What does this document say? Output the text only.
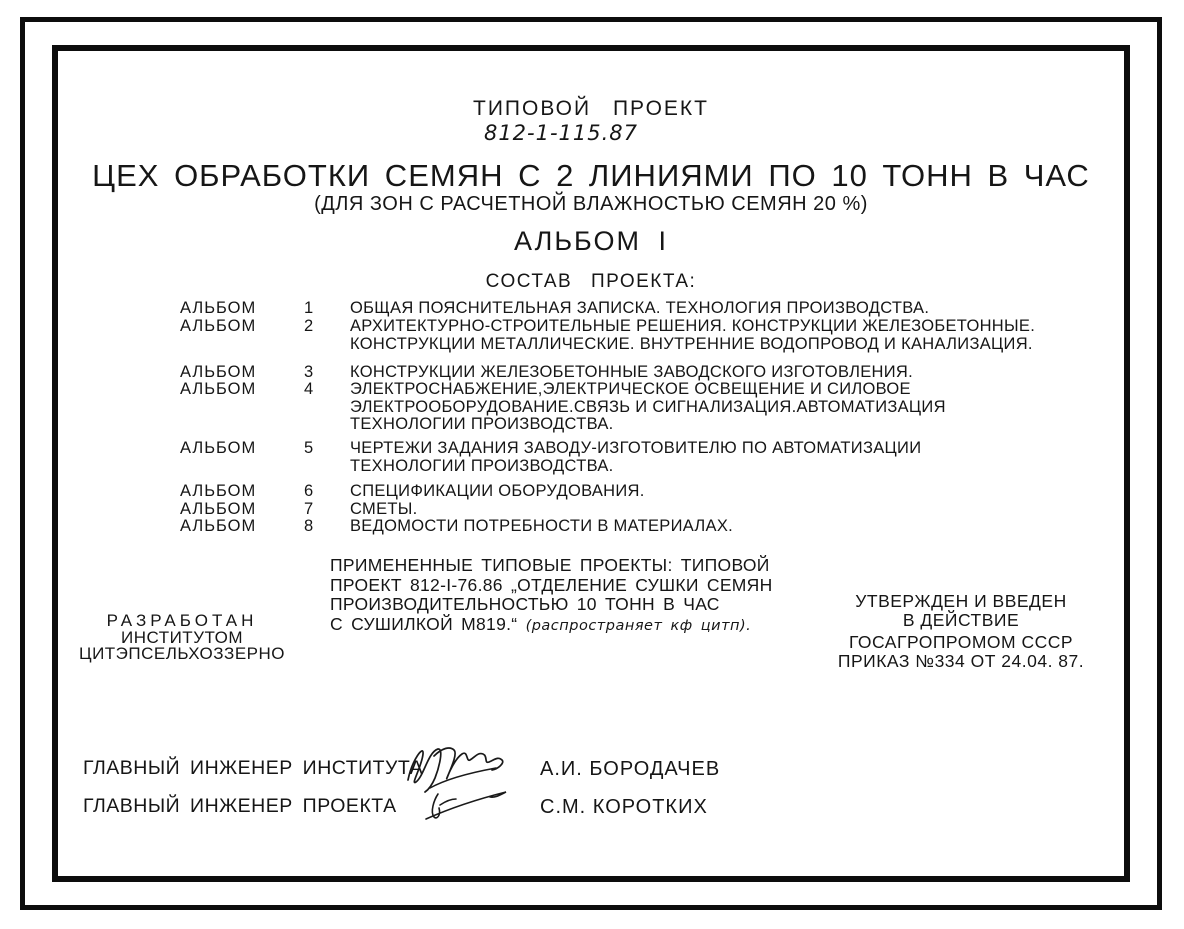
ТИПОВОЙ ПРОЕКТ
812-1-115.87
ЦЕХ ОБРАБОТКИ СЕМЯН С 2 ЛИНИЯМИ ПО 10 ТОНН В ЧАС
(ДЛЯ ЗОН С РАСЧЕТНОЙ ВЛАЖНОСТЬЮ СЕМЯН 20 %)
АЛЬБОМ I
СОСТАВ ПРОЕКТА:
АЛЬБОМ	1	ОБЩАЯ ПОЯСНИТЕЛЬНАЯ ЗАПИСКА. ТЕХНОЛОГИЯ ПРОИЗВОДСТВА.
АЛЬБОМ	2	АРХИТЕКТУРНО-СТРОИТЕЛЬНЫЕ РЕШЕНИЯ. КОНСТРУКЦИИ ЖЕЛЕЗОБЕТОННЫЕ.
КОНСТРУКЦИИ МЕТАЛЛИЧЕСКИЕ. ВНУТРЕННИЕ ВОДОПРОВОД И КАНАЛИЗАЦИЯ.
АЛЬБОМ	3	КОНСТРУКЦИИ ЖЕЛЕЗОБЕТОННЫЕ ЗАВОДСКОГО ИЗГОТОВЛЕНИЯ.
АЛЬБОМ	4	ЭЛЕКТРОСНАБЖЕНИЕ,ЭЛЕКТРИЧЕСКОЕ ОСВЕЩЕНИЕ И СИЛОВОЕ
ЭЛЕКТРООБОРУДОВАНИЕ.СВЯЗЬ И СИГНАЛИЗАЦИЯ.АВТОМАТИЗАЦИЯ
ТЕХНОЛОГИИ ПРОИЗВОДСТВА.
АЛЬБОМ	5	ЧЕРТЕЖИ ЗАДАНИЯ ЗАВОДУ-ИЗГОТОВИТЕЛЮ ПО АВТОМАТИЗАЦИИ
ТЕХНОЛОГИИ ПРОИЗВОДСТВА.
АЛЬБОМ	6	СПЕЦИФИКАЦИИ ОБОРУДОВАНИЯ.
АЛЬБОМ	7	СМЕТЫ.
АЛЬБОМ	8	ВЕДОМОСТИ ПОТРЕБНОСТИ В МАТЕРИАЛАХ.
ПРИМЕНЕННЫЕ ТИПОВЫЕ ПРОЕКТЫ: ТИПОВОЙ
ПРОЕКТ 812-I-76.86 „ОТДЕЛЕНИЕ СУШКИ СЕМЯН
ПРОИЗВОДИТЕЛЬНОСТЬЮ 10 ТОНН В ЧАС
С СУШИЛКОЙ М819.“ (распространяет кф цитп).
УТВЕРЖДЕН И ВВЕДЕН
В ДЕЙСТВИЕ
ГОСАГРОПРОМОМ СССР
ПРИКАЗ №334 ОТ 24.04. 87.
РАЗРАБОТАН
ИНСТИТУТОМ
ЦИТЭПСЕЛЬХОЗЗЕРНО
ГЛАВНЫЙ ИНЖЕНЕР ИНСТИТУТА
ГЛАВНЫЙ ИНЖЕНЕР ПРОЕКТА
А.И. БОРОДАЧЕВ
С.М. КОРОТКИХ
